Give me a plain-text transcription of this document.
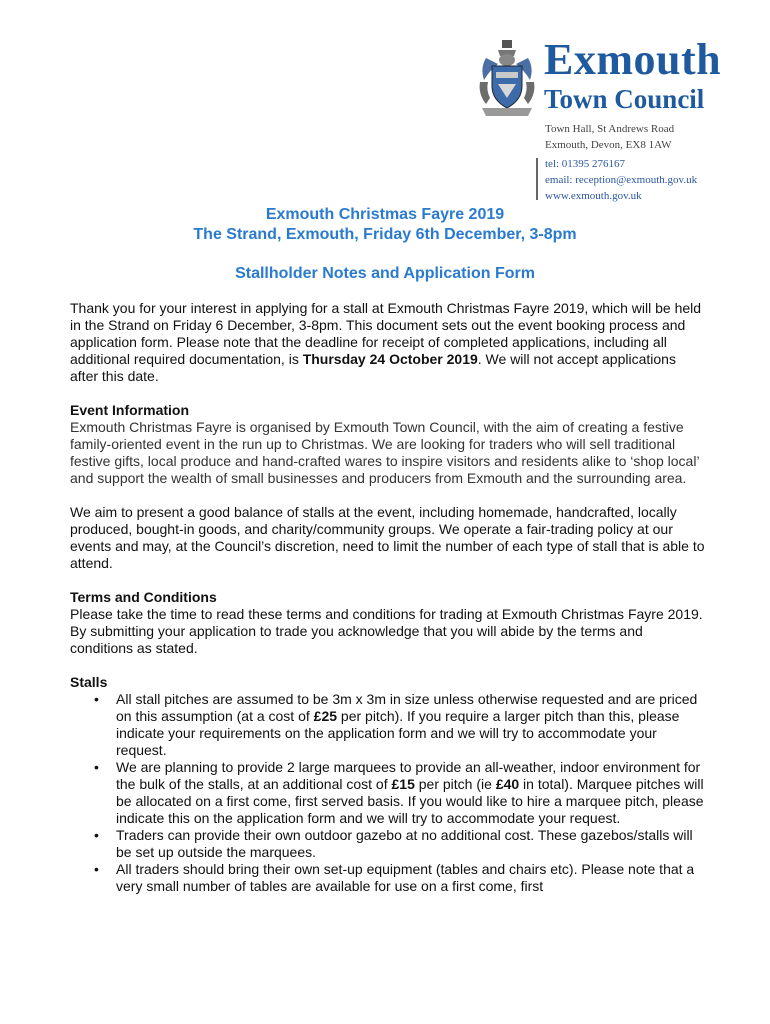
Exmouth
Town Council
Town Hall, St Andrews Road
Exmouth, Devon, EX8 1AW
tel: 01395 276167
email: reception@exmouth.gov.uk
www.exmouth.gov.uk
Exmouth Christmas Fayre 2019
The Strand, Exmouth, Friday 6th December, 3-8pm
Stallholder Notes and Application Form

Thank you for your interest in applying for a stall at Exmouth Christmas Fayre 2019, which will be held in the Strand on Friday 6 December, 3-8pm. This document sets out the event booking process and application form. Please note that the deadline for receipt of completed applications, including all additional required documentation, is Thursday 24 October 2019. We will not accept applications after this date.

Event Information
Exmouth Christmas Fayre is organised by Exmouth Town Council, with the aim of creating a festive family-oriented event in the run up to Christmas. We are looking for traders who will sell traditional festive gifts, local produce and hand-crafted wares to inspire visitors and residents alike to ‘shop local’ and support the wealth of small businesses and producers from Exmouth and the surrounding area.

We aim to present a good balance of stalls at the event, including homemade, handcrafted, locally produced, bought-in goods, and charity/community groups. We operate a fair-trading policy at our events and may, at the Council’s discretion, need to limit the number of each type of stall that is able to attend.

Terms and Conditions
Please take the time to read these terms and conditions for trading at Exmouth Christmas Fayre 2019. By submitting your application to trade you acknowledge that you will abide by the terms and conditions as stated.

Stalls
• All stall pitches are assumed to be 3m x 3m in size unless otherwise requested and are priced on this assumption (at a cost of £25 per pitch). If you require a larger pitch than this, please indicate your requirements on the application form and we will try to accommodate your request.
• We are planning to provide 2 large marquees to provide an all-weather, indoor environment for the bulk of the stalls, at an additional cost of £15 per pitch (ie £40 in total). Marquee pitches will be allocated on a first come, first served basis. If you would like to hire a marquee pitch, please indicate this on the application form and we will try to accommodate your request.
• Traders can provide their own outdoor gazebo at no additional cost. These gazebos/stalls will be set up outside the marquees.
• All traders should bring their own set-up equipment (tables and chairs etc). Please note that a very small number of tables are available for use on a first come, first
